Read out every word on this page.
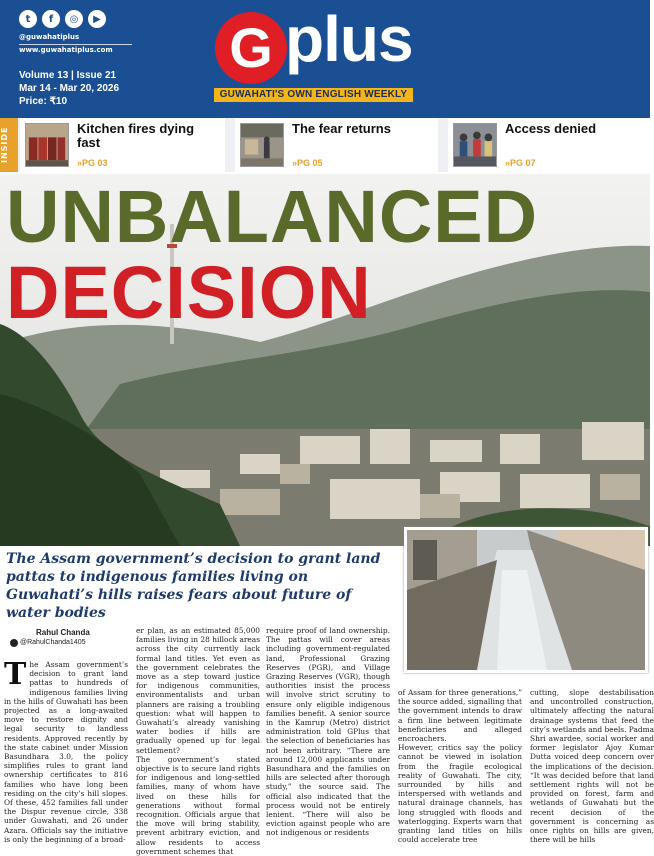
t	f	◎	▶
@guwahatiplus
www.guwahatiplus.com
Volume 13 | Issue 21
Mar 14 - Mar 20, 2026
Price: ₹10
G plus
GUWAHATI'S OWN ENGLISH WEEKLY
INSIDE	Kitchen fires dying fast
»PG 03
The fear returns
»PG 05
Access denied
»PG 07
UNBALANCED
DECISION
The Assam government’s decision to grant land pattas to indigenous families living on Guwahati’s hills raises fears about future of water bodies
Rahul Chanda
@RahulChanda1405
The Assam government’s decision to grant land pattas to hundreds of indigenous families living in the hills of Guwahati has been projected as a long-awaited move to restore dignity and legal security to landless residents. Approved recently by the state cabinet under Mission Basundhara 3.0, the policy simplifies rules to grant land ownership certificates to 816 families who have long been residing on the city’s hill slopes. Of these, 452 families fall under the Dispur revenue circle, 338 under Guwahati, and 26 under Azara. Officials say the initiative is only the beginning of a broad-
er plan, as an estimated 85,000 families living in 28 hillock areas across the city currently lack formal land titles. Yet even as the government celebrates the move as a step toward justice for indigenous communities, environmentalists and urban planners are raising a troubling question: what will happen to Guwahati’s already vanishing water bodies if hills are gradually opened up for legal settlement?
The government’s stated objective is to secure land rights for indigenous and long-settled families, many of whom have lived on these hills for generations without formal recognition. Officials argue that the move will bring stability, prevent arbitrary eviction, and allow residents to access government schemes that
require proof of land ownership. The pattas will cover areas including government-regulated land, Professional Grazing Reserves (PGR), and Village Grazing Reserves (VGR), though authorities insist the process will involve strict scrutiny to ensure only eligible indigenous families benefit. A senior source in the Kamrup (Metro) district administration told GPlus that the selection of beneficiaries has not been arbitrary. “There are around 12,000 applicants under Basundhara and the families on hills are selected after thorough study,” the source said. The official also indicated that the process would not be entirely lenient. “There will also be eviction against people who are not indigenous or residents
of Assam for three generations,” the source added, signalling that the government intends to draw a firm line between legitimate beneficiaries and alleged encroachers.
However, critics say the policy cannot be viewed in isolation from the fragile ecological reality of Guwahati. The city, surrounded by hills and interspersed with wetlands and natural drainage channels, has long struggled with floods and waterlogging. Experts warn that granting land titles on hills could accelerate tree
cutting, slope destabilisation and uncontrolled construction, ultimately affecting the natural drainage systems that feed the city’s wetlands and beels. Padma Shri awardee, social worker and former legislator Ajoy Kumar Dutta voiced deep concern over the implications of the decision. “It was decided before that land settlement rights will not be provided on forest, farm and wetlands of Guwahati but the recent decision of the government is concerning as once rights on hills are given, there will be hills
